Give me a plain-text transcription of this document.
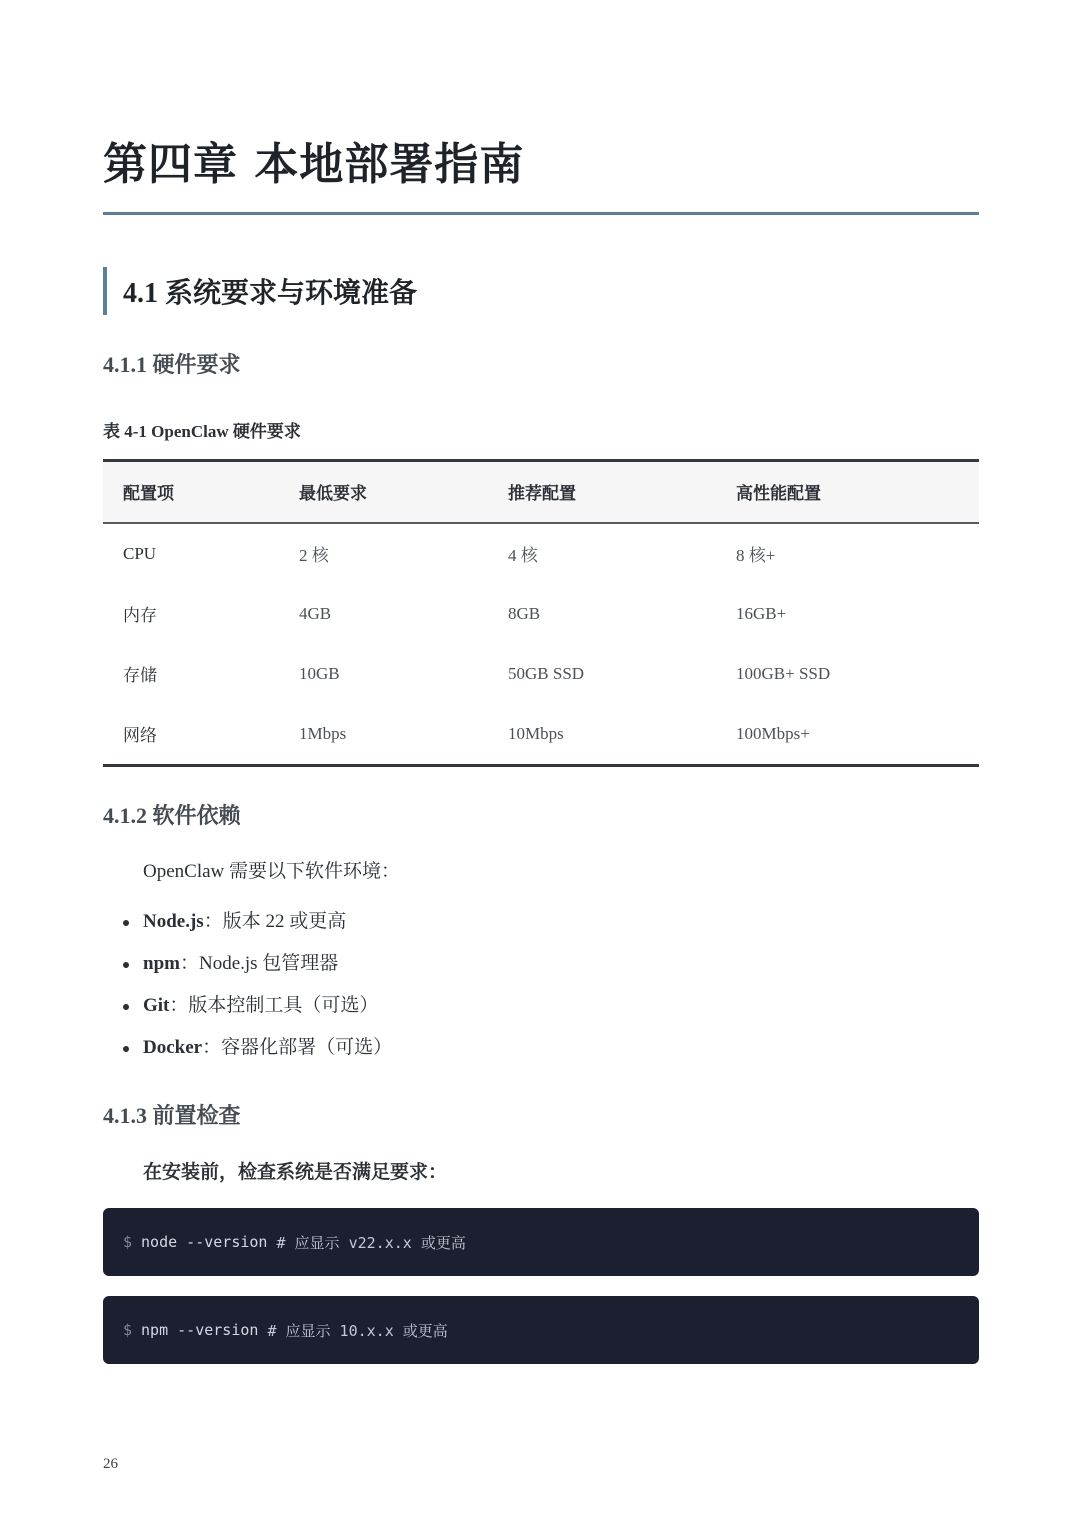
第四章 本地部署指南
4.1 系统要求与环境准备
4.1.1 硬件要求

表 4-1 OpenClaw 硬件要求

配置项	最低要求	推荐配置	高性能配置
CPU	2 核	4 核	8 核+
内存	4GB	8GB	16GB+
存储	10GB	50GB SSD	100GB+ SSD
网络	1Mbps	10Mbps	100Mbps+
4.1.2 软件依赖

OpenClaw 需要以下软件环境：

Node.js：版本 22 或更高
npm：Node.js 包管理器
Git：版本控制工具（可选）
Docker：容器化部署（可选）
4.1.3 前置检查

在安装前，检查系统是否满足要求：

$ node --version # 应显示 v22.x.x 或更高
$ npm --version # 应显示 10.x.x 或更高

26
